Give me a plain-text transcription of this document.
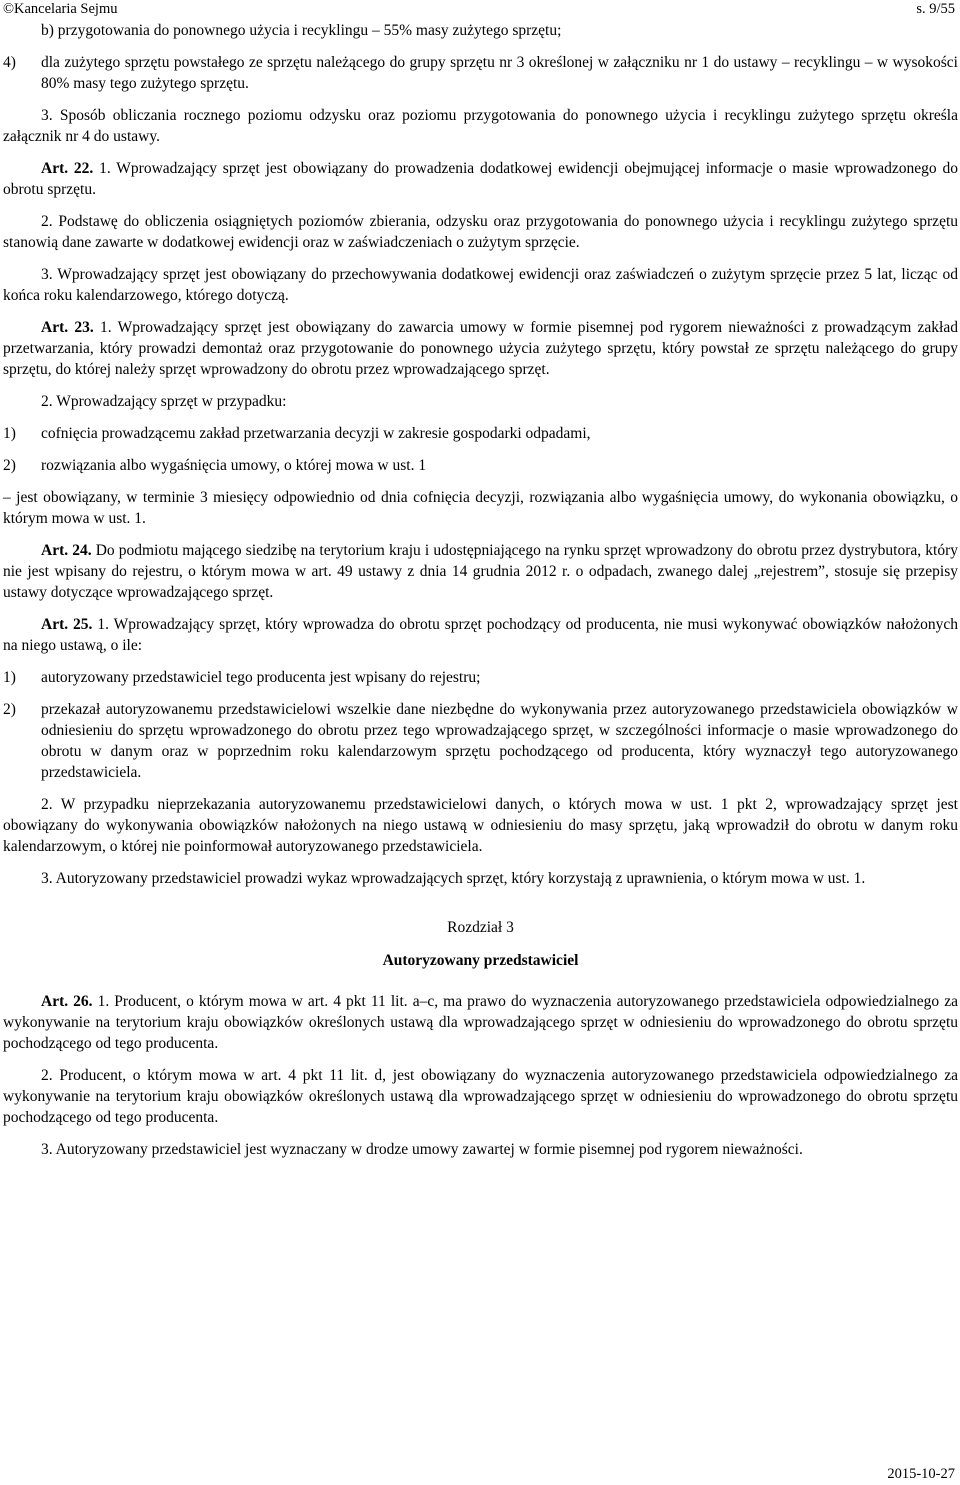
©Kancelaria Sejmu	s. 9/55
b) przygotowania do ponownego użycia i recyklingu – 55% masy zużytego sprzętu;
4)	dla zużytego sprzętu powstałego ze sprzętu należącego do grupy sprzętu nr 3 określonej w załączniku nr 1 do ustawy – recyklingu – w wysokości 80% masy tego zużytego sprzętu.
3. Sposób obliczania rocznego poziomu odzysku oraz poziomu przygotowania do ponownego użycia i recyklingu zużytego sprzętu określa załącznik nr 4 do ustawy.
Art. 22. 1. Wprowadzający sprzęt jest obowiązany do prowadzenia dodatkowej ewidencji obejmującej informacje o masie wprowadzonego do obrotu sprzętu.
2. Podstawę do obliczenia osiągniętych poziomów zbierania, odzysku oraz przygotowania do ponownego użycia i recyklingu zużytego sprzętu stanowią dane zawarte w dodatkowej ewidencji oraz w zaświadczeniach o zużytym sprzęcie.
3. Wprowadzający sprzęt jest obowiązany do przechowywania dodatkowej ewidencji oraz zaświadczeń o zużytym sprzęcie przez 5 lat, licząc od końca roku kalendarzowego, którego dotyczą.
Art. 23. 1. Wprowadzający sprzęt jest obowiązany do zawarcia umowy w formie pisemnej pod rygorem nieważności z prowadzącym zakład przetwarzania, który prowadzi demontaż oraz przygotowanie do ponownego użycia zużytego sprzętu, który powstał ze sprzętu należącego do grupy sprzętu, do której należy sprzęt wprowadzony do obrotu przez wprowadzającego sprzęt.
2. Wprowadzający sprzęt w przypadku:
1)	cofnięcia prowadzącemu zakład przetwarzania decyzji w zakresie gospodarki odpadami,
2)	rozwiązania albo wygaśnięcia umowy, o której mowa w ust. 1
– jest obowiązany, w terminie 3 miesięcy odpowiednio od dnia cofnięcia decyzji, rozwiązania albo wygaśnięcia umowy, do wykonania obowiązku, o którym mowa w ust. 1.
Art. 24. Do podmiotu mającego siedzibę na terytorium kraju i udostępniającego na rynku sprzęt wprowadzony do obrotu przez dystrybutora, który nie jest wpisany do rejestru, o którym mowa w art. 49 ustawy z dnia 14 grudnia 2012 r. o odpadach, zwanego dalej „rejestrem”, stosuje się przepisy ustawy dotyczące wprowadzającego sprzęt.
Art. 25. 1. Wprowadzający sprzęt, który wprowadza do obrotu sprzęt pochodzący od producenta, nie musi wykonywać obowiązków nałożonych na niego ustawą, o ile:
1)	autoryzowany przedstawiciel tego producenta jest wpisany do rejestru;
2)	przekazał autoryzowanemu przedstawicielowi wszelkie dane niezbędne do wykonywania przez autoryzowanego przedstawiciela obowiązków w odniesieniu do sprzętu wprowadzonego do obrotu przez tego wprowadzającego sprzęt, w szczególności informacje o masie wprowadzonego do obrotu w danym oraz w poprzednim roku kalendarzowym sprzętu pochodzącego od producenta, który wyznaczył tego autoryzowanego przedstawiciela.
2. W przypadku nieprzekazania autoryzowanemu przedstawicielowi danych, o których mowa w ust. 1 pkt 2, wprowadzający sprzęt jest obowiązany do wykonywania obowiązków nałożonych na niego ustawą w odniesieniu do masy sprzętu, jaką wprowadził do obrotu w danym roku kalendarzowym, o której nie poinformował autoryzowanego przedstawiciela.
3. Autoryzowany przedstawiciel prowadzi wykaz wprowadzających sprzęt, który korzystają z uprawnienia, o którym mowa w ust. 1.
Rozdział 3
Autoryzowany przedstawiciel
Art. 26. 1. Producent, o którym mowa w art. 4 pkt 11 lit. a–c, ma prawo do wyznaczenia autoryzowanego przedstawiciela odpowiedzialnego za wykonywanie na terytorium kraju obowiązków określonych ustawą dla wprowadzającego sprzęt w odniesieniu do wprowadzonego do obrotu sprzętu pochodzącego od tego producenta.
2. Producent, o którym mowa w art. 4 pkt 11 lit. d, jest obowiązany do wyznaczenia autoryzowanego przedstawiciela odpowiedzialnego za wykonywanie na terytorium kraju obowiązków określonych ustawą dla wprowadzającego sprzęt w odniesieniu do wprowadzonego do obrotu sprzętu pochodzącego od tego producenta.
3. Autoryzowany przedstawiciel jest wyznaczany w drodze umowy zawartej w formie pisemnej pod rygorem nieważności.
2015-10-27
